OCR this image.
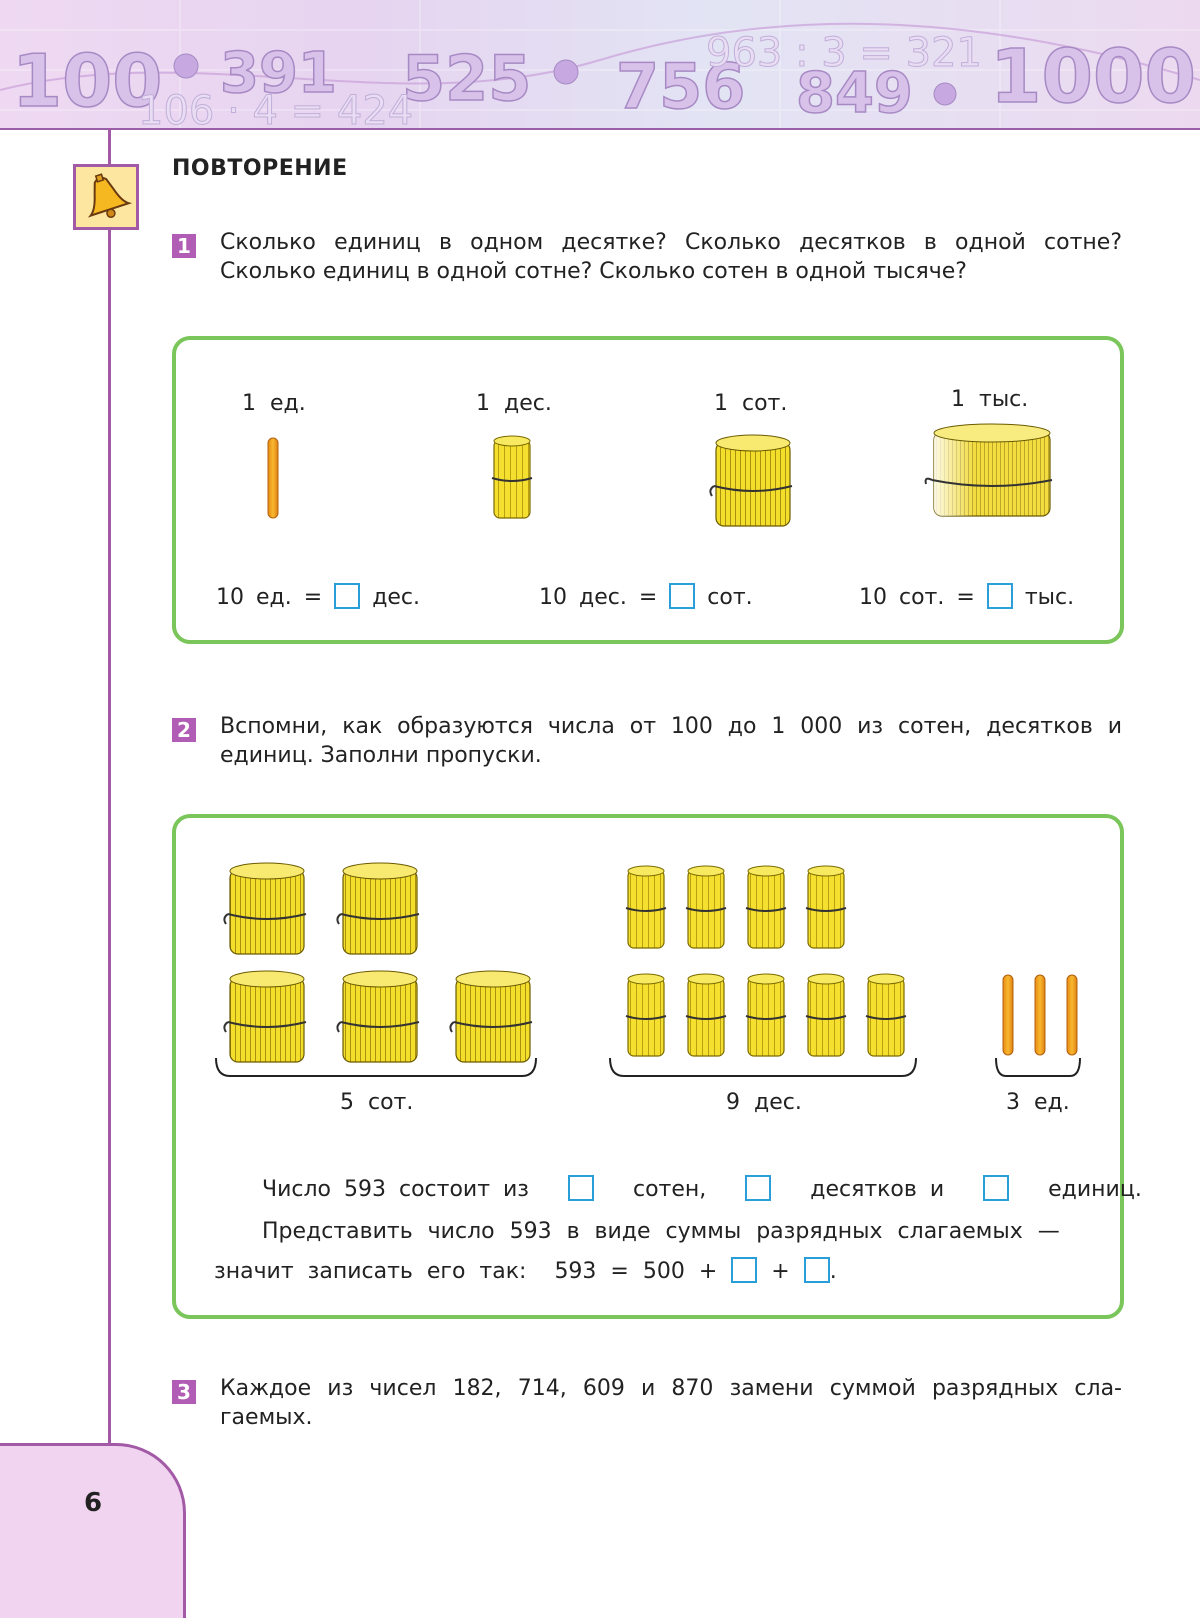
100 391 525 756 849 1000
106 · 4 = 424
963 : 3 = 321
ПОВТОРЕНИЕ
1 Сколько единиц в одном десятке? Сколько десятков в одной сотне?
Сколько единиц в одной сотне? Сколько сотен в одной тысяче?
1 ед.	1 дес.	1 сот.	1 тыс.
10 ед. = дес.	10 дес. = сот.	10 сот. = тыс.
2 Вспомни, как образуются числа от 100 до 1 000 из сотен, десятков и
единиц. Заполни пропуски.
5 сот.	9 дес.	3 ед.
Число 593 состоит из	сотен,	десятков и	единиц.
Представить число 593 в виде суммы разрядных слагаемых —
значит записать его так: 593 = 500 + + .
3 Каждое из чисел 182, 714, 609 и 870 замени суммой разрядных сла-
гаемых.
6
